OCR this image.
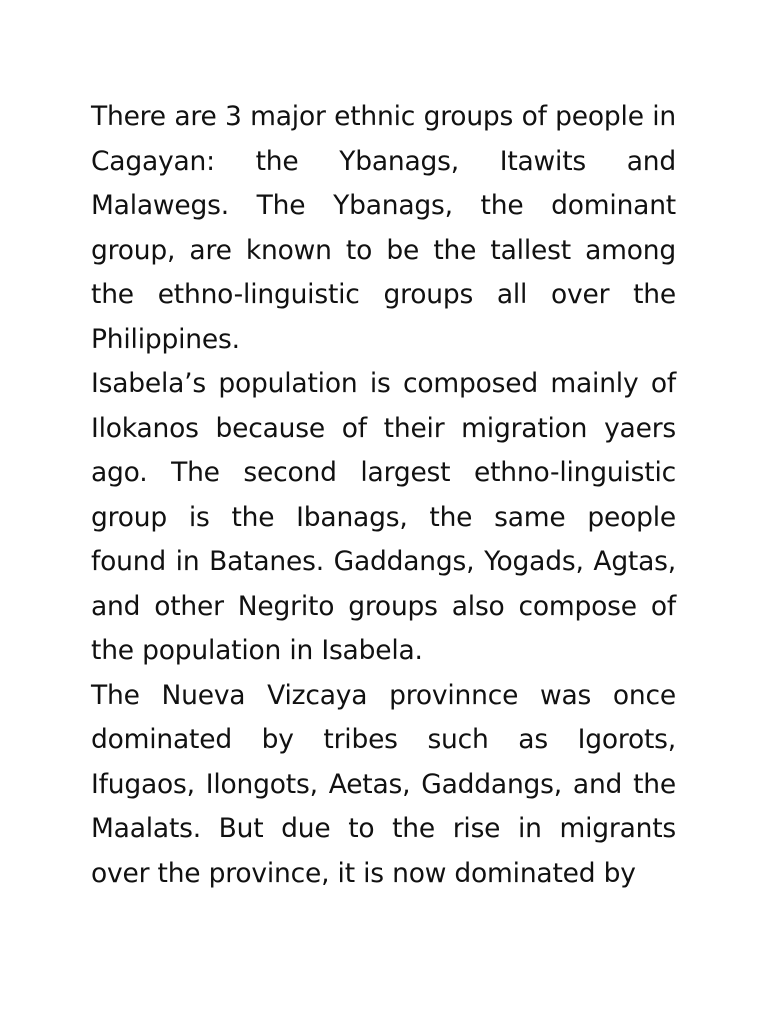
There are 3 major ethnic groups of people in Cagayan: the Ybanags, Itawits and Malawegs. The Ybanags, the dominant group, are known to be the tallest among the ethno-linguistic groups all over the Philippines.

Isabela’s population is composed mainly of Ilokanos because of their migration yaers ago. The second largest ethno-linguistic group is the Ibanags, the same people found in Batanes. Gaddangs, Yogads, Agtas, and other Negrito groups also compose of the population in Isabela.

The Nueva Vizcaya provinnce was once dominated by tribes such as Igorots, Ifugaos, Ilongots, Aetas, Gaddangs, and the Maalats. But due to the rise in migrants over the province, it is now dominated by
